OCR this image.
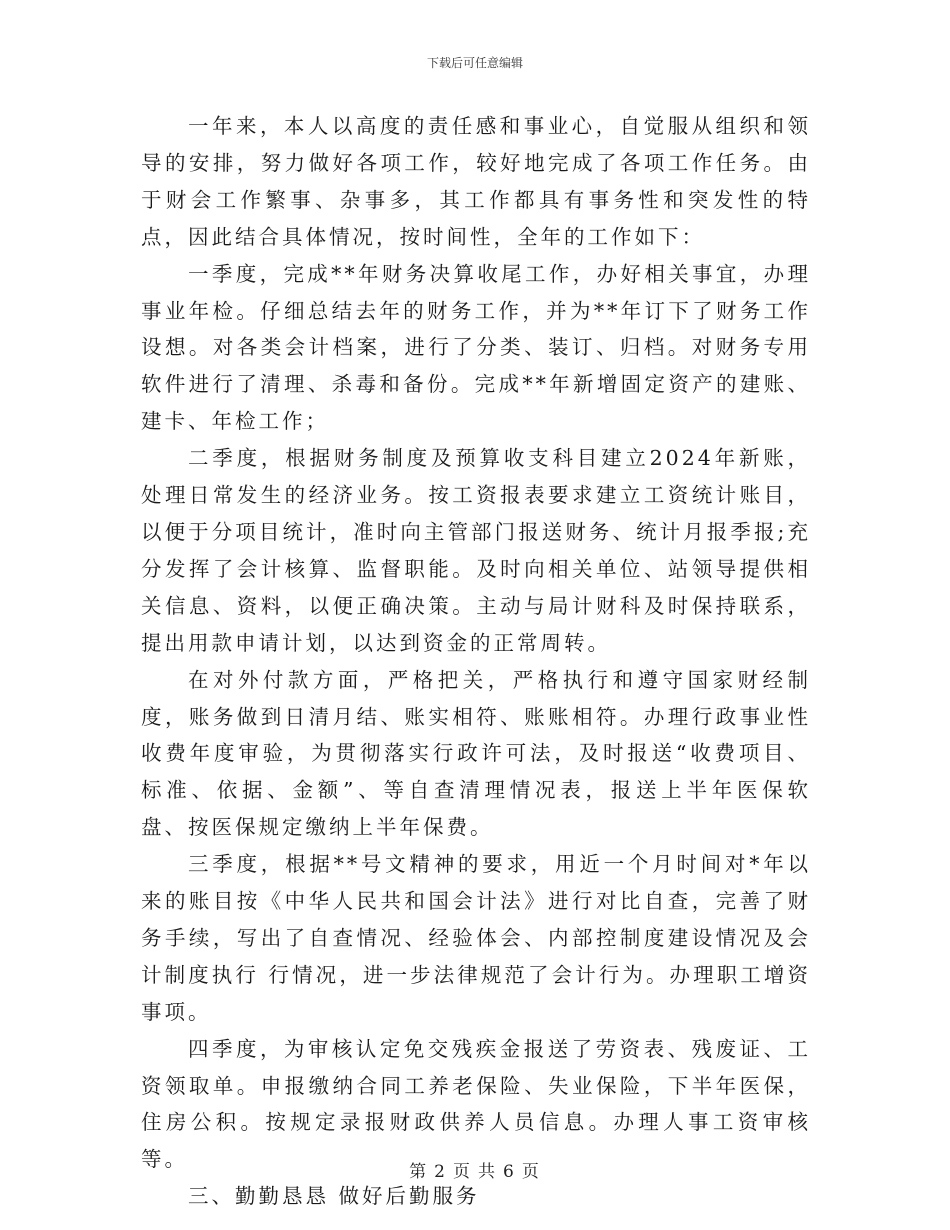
下载后可任意编辑

一年来，本人以高度的责任感和事业心，自觉服从组织和领导的安排，努力做好各项工作，较好地完成了各项工作任务。由于财会工作繁事、杂事多，其工作都具有事务性和突发性的特点，因此结合具体情况，按时间性，全年的工作如下：

一季度，完成**年财务决算收尾工作，办好相关事宜，办理事业年检。仔细总结去年的财务工作，并为**年订下了财务工作设想。对各类会计档案，进行了分类、装订、归档。对财务专用软件进行了清理、杀毒和备份。完成**年新增固定资产的建账、建卡、年检工作；

二季度，根据财务制度及预算收支科目建立2024年新账，处理日常发生的经济业务。按工资报表要求建立工资统计账目，以便于分项目统计，准时向主管部门报送财务、统计月报季报;充分发挥了会计核算、监督职能。及时向相关单位、站领导提供相关信息、资料，以便正确决策。主动与局计财科及时保持联系，提出用款申请计划，以达到资金的正常周转。

在对外付款方面，严格把关，严格执行和遵守国家财经制度，账务做到日清月结、账实相符、账账相符。办理行政事业性收费年度审验，为贯彻落实行政许可法，及时报送“收费项目、标准、依据、金额”、等自查清理情况表，报送上半年医保软盘、按医保规定缴纳上半年保费。

三季度，根据**号文精神的要求，用近一个月时间对*年以来的账目按《中华人民共和国会计法》进行对比自查，完善了财务手续，写出了自查情况、经验体会、内部控制度建设情况及会计制度执行 行情况，进一步法律规范了会计行为。办理职工增资事项。

四季度，为审核认定免交残疾金报送了劳资表、残废证、工资领取单。申报缴纳合同工养老保险、失业保险，下半年医保，住房公积。按规定录报财政供养人员信息。办理人事工资审核等。

三、勤勤恳恳 做好后勤服务

第 2 页 共 6 页
